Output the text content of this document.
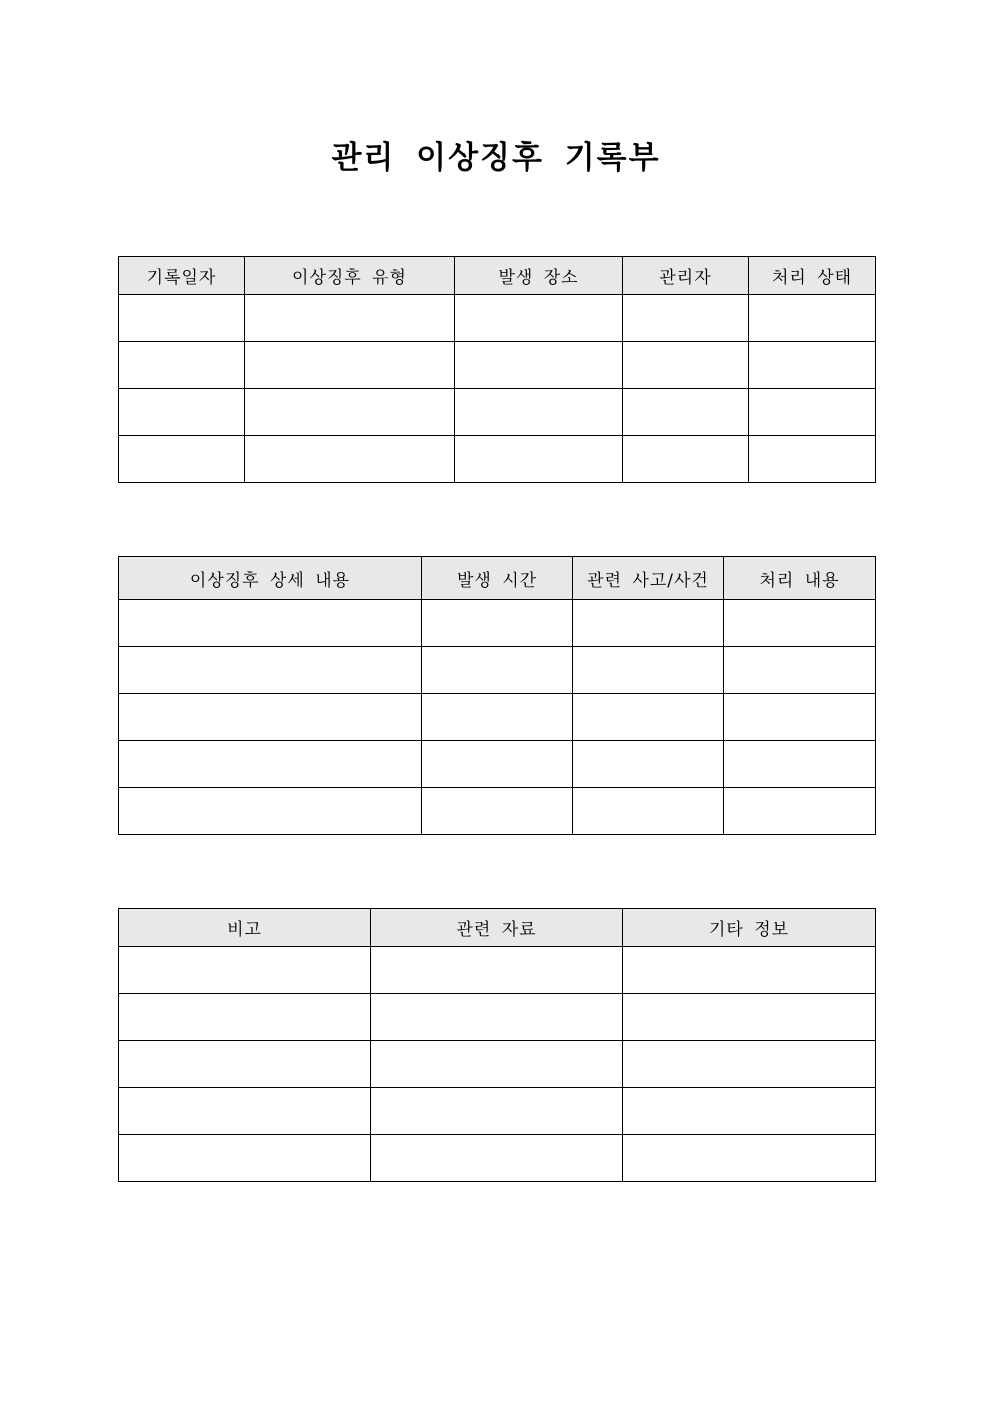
관리 이상징후 기록부
기록일자	이상징후 유형	발생 장소	관리자	처리 상태

이상징후 상세 내용	발생 시간	관련 사고/사건	처리 내용

비고	관련 자료	기타 정보
